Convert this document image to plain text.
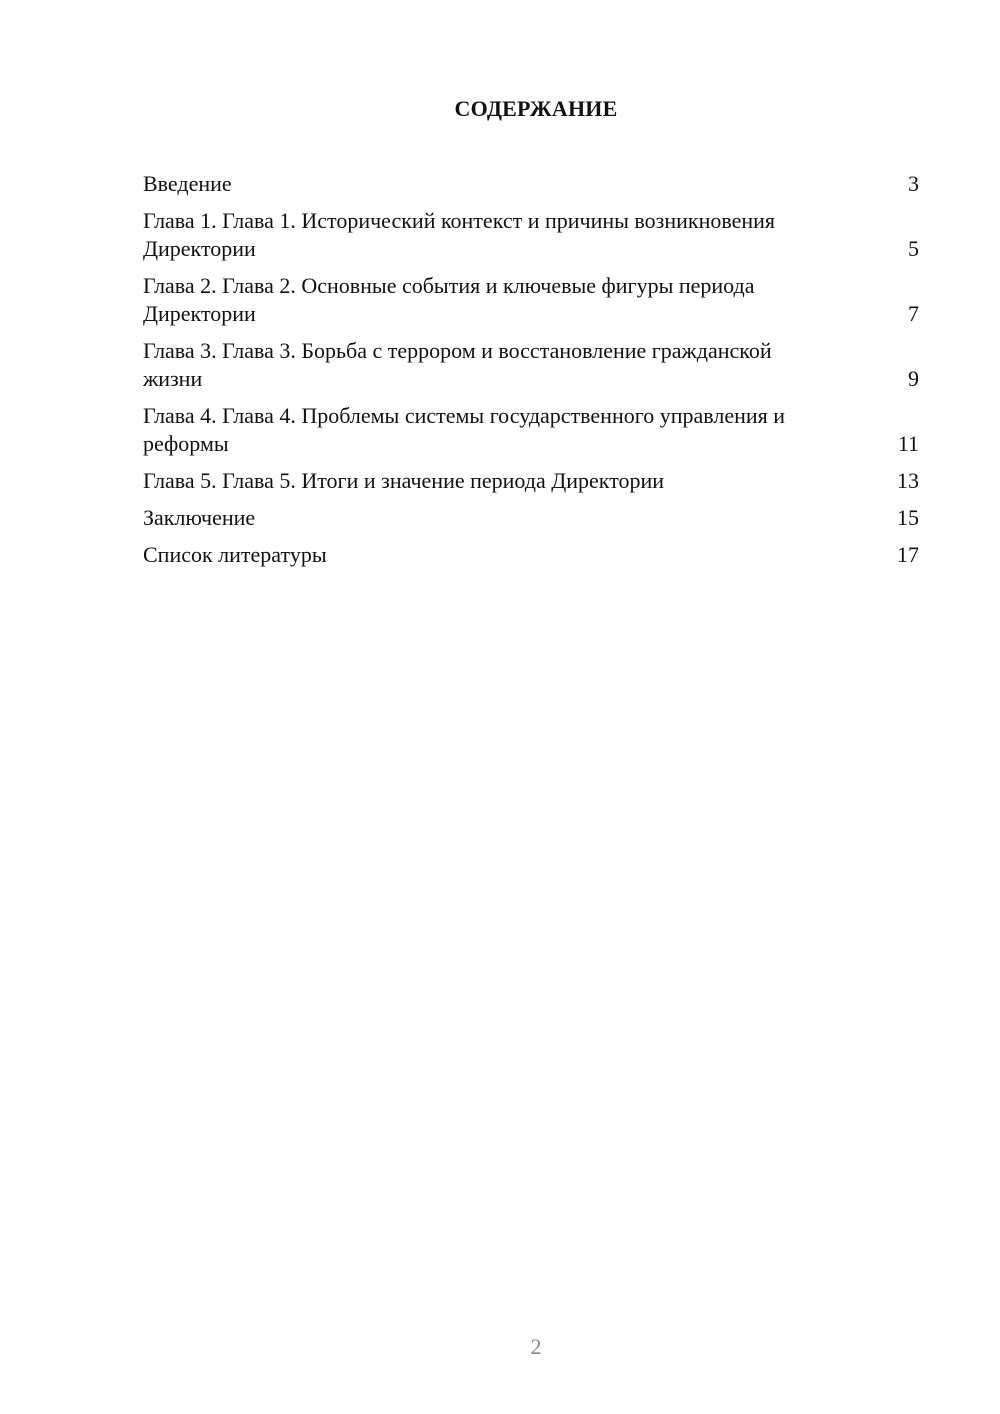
СОДЕРЖАНИЕ
Введение	3
Глава 1. Глава 1. Исторический контекст и причины возникновения Директории	5
Глава 2. Глава 2. Основные события и ключевые фигуры периода Директории	7
Глава 3. Глава 3. Борьба с террором и восстановление гражданской жизни	9
Глава 4. Глава 4. Проблемы системы государственного управления и реформы	11
Глава 5. Глава 5. Итоги и значение периода Директории	13
Заключение	15
Список литературы	17
2
